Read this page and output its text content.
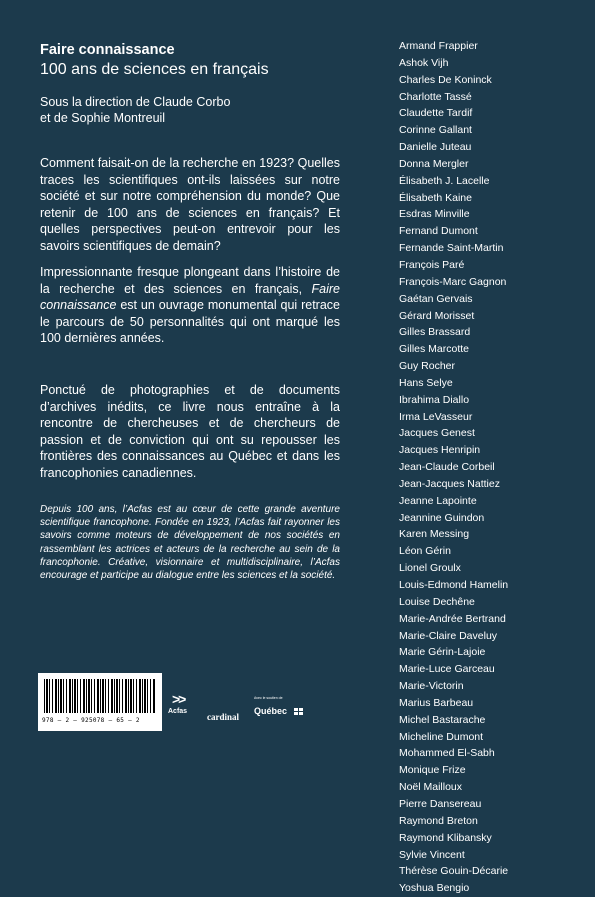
Faire connaissance
100 ans de sciences en français
Sous la direction de Claude Corbo
et de Sophie Montreuil
Comment faisait-on de la recherche en 1923? Quelles traces les scientifiques ont-ils laissées sur notre société et sur notre compréhension du monde? Que retenir de 100 ans de sciences en français? Et quelles perspectives peut-on entrevoir pour les savoirs scientifiques de demain?
Impressionnante fresque plongeant dans l’histoire de la recherche et des sciences en français, Faire connaissance est un ouvrage monumental qui retrace le parcours de 50 personnalités qui ont marqué les 100 dernières années.
Ponctué de photographies et de documents d’archives inédits, ce livre nous entraîne à la rencontre de chercheuses et de chercheurs de passion et de conviction qui ont su repousser les frontières des connaissances au Québec et dans les francophonies canadiennes.
Depuis 100 ans, l’Acfas est au cœur de cette grande aventure scientifique francophone. Fondée en 1923, l’Acfas fait rayonner les savoirs comme moteurs de développement de nos sociétés en rassemblant les actrices et acteurs de la recherche au sein de la francophonie. Créative, visionnaire et multidisciplinaire, l’Acfas encourage et participe au dialogue entre les sciences et la société.
Armand Frappier
Ashok Vijh
Charles De Koninck
Charlotte Tassé
Claudette Tardif
Corinne Gallant
Danielle Juteau
Donna Mergler
Élisabeth J. Lacelle
Élisabeth Kaine
Esdras Minville
Fernand Dumont
Fernande Saint-Martin
François Paré
François-Marc Gagnon
Gaétan Gervais
Gérard Morisset
Gilles Brassard
Gilles Marcotte
Guy Rocher
Hans Selye
Ibrahima Diallo
Irma LeVasseur
Jacques Genest
Jacques Henripin
Jean-Claude Corbeil
Jean-Jacques Nattiez
Jeanne Lapointe
Jeannine Guindon
Karen Messing
Léon Gérin
Lionel Groulx
Louis-Edmond Hamelin
Louise Dechêne
Marie-Andrée Bertrand
Marie-Claire Daveluy
Marie Gérin-Lajoie
Marie-Luce Garceau
Marie-Victorin
Marius Barbeau
Michel Bastarache
Micheline Dumont
Mohammed El-Sabh
Monique Frize
Noël Mailloux
Pierre Dansereau
Raymond Breton
Raymond Klibansky
Sylvie Vincent
Thérèse Gouin-Décarie
Yoshua Bengio
978 — 2 — 925078 — 65 — 2
>>
Acfas
cardinal
Avec le soutien de
Québec
